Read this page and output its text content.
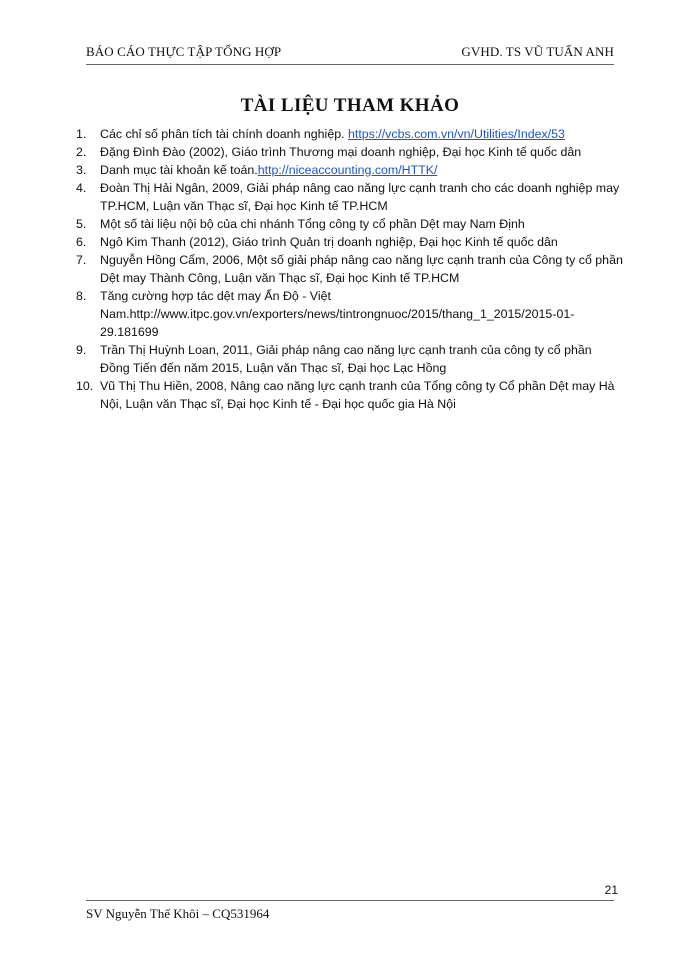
BÁO CÁO THỰC TẬP TỔNG HỢP	GVHD. TS VŨ TUẤN ANH
TÀI LIỆU THAM KHẢO
1.	Các chỉ số phân tích tài chính doanh nghiệp. https://vcbs.com.vn/vn/Utilities/Index/53
2.	Đặng Đình Đào (2002), Giáo trình Thương mại doanh nghiệp, Đại học Kinh tế quốc dân
3.	Danh mục tài khoản kế toán.http://niceaccounting.com/HTTK/
4.	Đoàn Thị Hải Ngân, 2009, Giải pháp nâng cao năng lực cạnh tranh cho các doanh nghiệp may TP.HCM, Luận văn Thạc sĩ, Đại học Kinh tế TP.HCM
5.	Một số tài liệu nội bộ của chi nhánh Tổng công ty cổ phần Dệt may Nam Định
6.	Ngô Kim Thanh (2012), Giáo trình Quản trị doanh nghiệp, Đại học Kinh tế quốc dân
7.	Nguyễn Hồng Cẩm, 2006, Một số giải pháp nâng cao năng lực cạnh tranh của Công ty cổ phần Dệt may Thành Công, Luận văn Thạc sĩ, Đại học Kinh tế TP.HCM
8.	Tăng cường hợp tác dệt may Ấn Độ - Việt Nam.http://www.itpc.gov.vn/exporters/news/tintrongnuoc/2015/thang_1_2015/2015-01-29.181699
9.	Trần Thị Huỳnh Loan, 2011, Giải pháp nâng cao năng lực cạnh tranh của công ty cổ phần Đồng Tiến đến năm 2015, Luận văn Thạc sĩ, Đại học Lạc Hồng
10. Vũ Thị Thu Hiền, 2008, Nâng cao năng lực cạnh tranh của Tổng công ty Cổ phần Dệt may Hà Nội, Luận văn Thạc sĩ, Đại học Kinh tế - Đại học quốc gia Hà Nội
21
SV Nguyễn Thế Khôi – CQ531964
